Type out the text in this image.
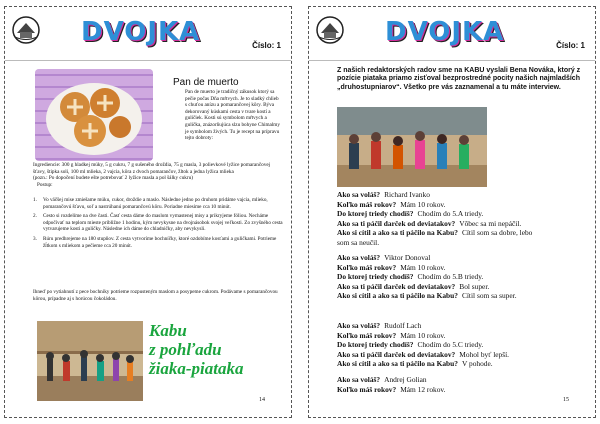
DVOJKA	Číslo: 1
Pan de muerto
Pan de muerto je tradičný zákusok ktorý sa pečie počas Dňa mŕtvych. Je to sladký chlieb s chuťou anízu a pomarančovej kôry. Býva dekorovaný kúskami cesta v tvare kostí a guličiek. Kosti sú symbolom mŕtvych a gulička, znázorňujúca slzu bohyne Chimalmy je symbolom živých. Tu je recept na prípravu tejto dobroty:
Ingrediencie: 300 g hladkej múky, 5 g cukru, 7 g sušeného droždia, 75 g masla, 3 polievkové lyžice pomarančovej šťavy, štipka soli, 100 ml mlieka, 2 vajcia, kôra z dvoch pomarančov, žltok a jedna lyžica mlieka
(pozn.: Po dopočení budete ešte potrebovať 2 lyžice masla a pol šálky cukru)
Postup:
1.	Vo väčšej mise zmiešame múku, cukor, droždie a maslo. Následne jedno po druhom pridáme vajcia, mlieko, pomarančovú šťavu, soľ a nastrúhanú pomarančovú kôru. Poriadne miesime cca 10 minút.
2.	Cesto si rozdelíme na dve časti. Časť cesta dáme do maslom vymastenej misy a prikryjeme fóliou. Necháme odpočívať na teplom mieste približne 1 hodinu, kým nevykysne na dvojnásobok svojej veľkosti. Zo zvyšného cesta vytvarujeme kosti a guličky. Následne ich dáme do chladničky, aby nevykysli.
3.	Rúru predhrejeme na 180 stupňov. Z cesta vytvoríme bochníčky, ktoré ozdobíme kosťami a guličkami. Potrieme žĺtkom s mliekom a pečieme cca 20 minút.
Ihneď po vytiahnutí z pece bochníky potrieme rozpusteným maslom a posypeme cukrom. Podávame s pomarančovou kôrou, prípadne aj s horúcou čokoládou.
Kabu
z pohľadu
žiaka-piataka
14
DVOJKA	Číslo: 1
Z našich redaktorských radov sme na KABU vyslali Bena Nováka, ktorý z pozície piataka priamo zisťoval bezprostredné pocity našich najmladších „druhostupniarov“. Všetko pre vás zaznamenal a tu máte interview.
Ako sa voláš? Richard Ivanko
Koľko máš rokov? Mám 10 rokov.
Do ktorej triedy chodíš? Chodím do 5.A triedy.
Ako sa ti páčil darček od deviatakov? Vôbec sa mi nepáčil.
Ako si cítil a ako sa ti páčilo na Kabu? Cítil som sa dobre, lebo
som sa neučil.
Ako sa voláš? Viktor Donoval
Koľko máš rokov? Mám 10 rokov.
Do ktorej triedy chodíš? Chodím do 5.B triedy.
Ako sa ti páčil darček od deviatakov? Bol super.
Ako si cítil a ako sa ti páčilo na Kabu? Cítil som sa super.
Ako sa voláš? Rudolf Lach
Koľko máš rokov? Mám 10 rokov.
Do ktorej triedy chodíš? Chodím do 5.C triedy.
Ako sa ti páčil darček od deviatakov? Mohol byť lepší.
Ako si cítil a ako sa ti páčilo na Kabu? V pohode.
Ako sa voláš? Andrej Golian
Koľko máš rokov? Mám 12 rokov.
15
